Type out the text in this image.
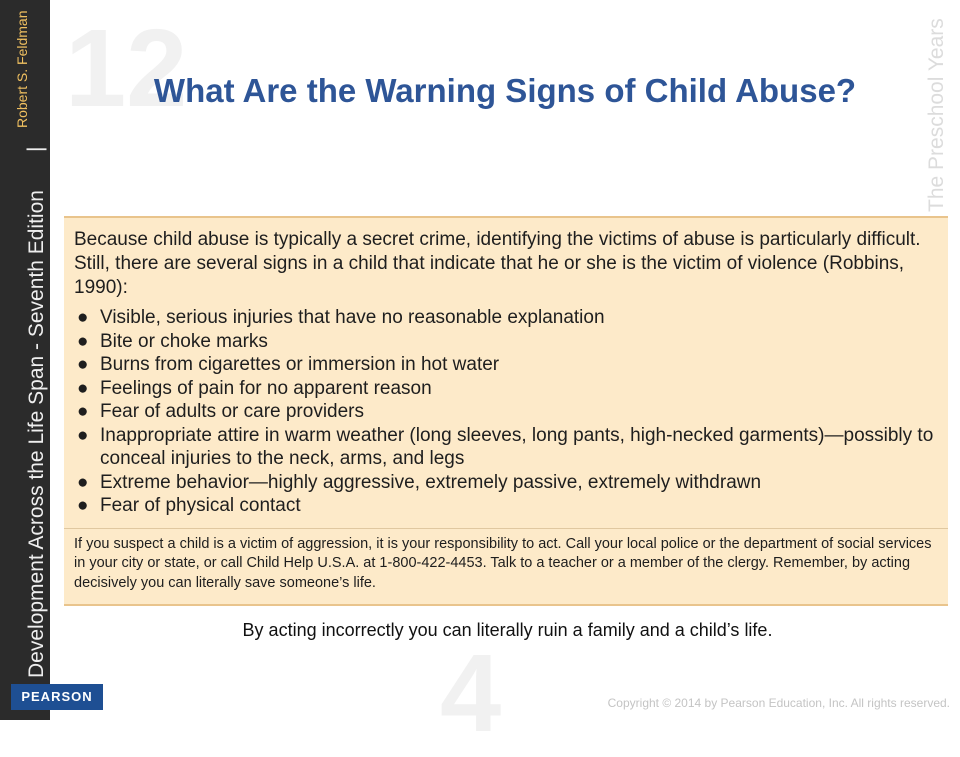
Development Across the Life Span - Seventh Edition
|
Robert S. Feldman
PEARSON
12
4
The Preschool Years
What Are the Warning Signs of Child Abuse?

Because child abuse is typically a secret crime, identifying the victims of abuse is particularly difficult. Still, there are several signs in a child that indicate that he or she is the victim of violence (Robbins, 1990):

● Visible, serious injuries that have no reasonable explanation
● Bite or choke marks
● Burns from cigarettes or immersion in hot water
● Feelings of pain for no apparent reason
● Fear of adults or care providers
● Inappropriate attire in warm weather (long sleeves, long pants, high-necked garments)—possibly to conceal injuries to the neck, arms, and legs
● Extreme behavior—highly aggressive, extremely passive, extremely withdrawn
● Fear of physical contact

If you suspect a child is a victim of aggression, it is your responsibility to act. Call your local police or the department of social services in your city or state, or call Child Help U.S.A. at 1-800-422-4453. Talk to a teacher or a member of the clergy. Remember, by acting decisively you can literally save someone’s life.

By acting incorrectly you can literally ruin a family and a child’s life.
Copyright © 2014 by Pearson Education, Inc. All rights reserved.
